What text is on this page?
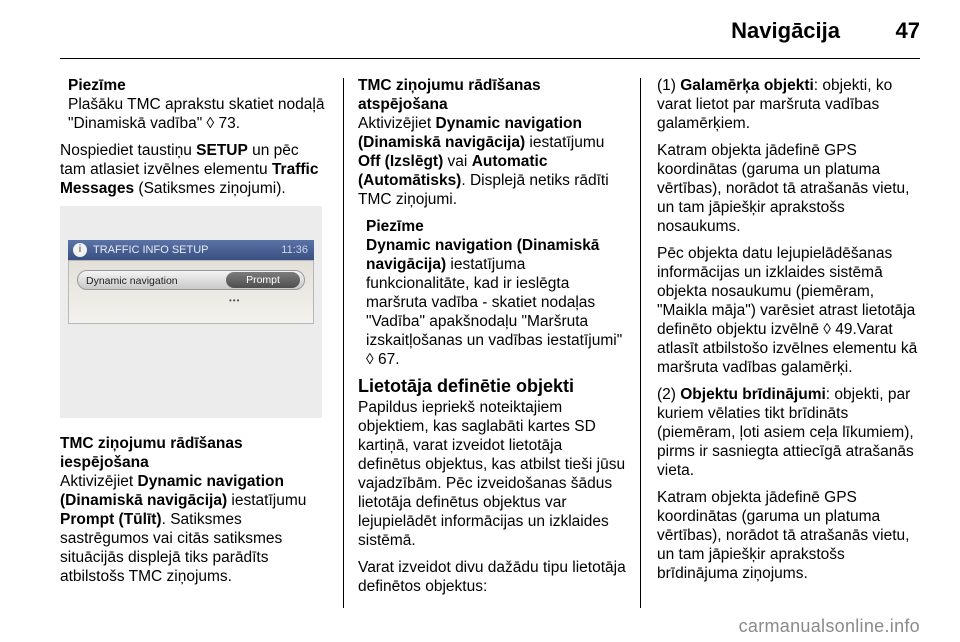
Navigācija	47
Piezīme
Plašāku TMC aprakstu skatiet nodaļā "Dinamiskā vadība" ◊ 73.

Nospiediet taustiņu SETUP un pēc tam atlasiet izvēlnes elementu Traffic Messages (Satiksmes ziņojumi).

i TRAFFIC INFO SETUP	11:36
Dynamic navigation	Prompt
•••
TMC ziņojumu rādīšanas iespējošana

Aktivizējiet Dynamic navigation (Dinamiskā navigācija) iestatījumu Prompt (Tūlīt). Satiksmes sastrēgumos vai citās satiksmes situācijās displejā tiks parādīts atbilstošs TMC ziņojums.

TMC ziņojumu rādīšanas atspējošana

Aktivizējiet Dynamic navigation (Dinamiskā navigācija) iestatījumu Off (Izslēgt) vai Automatic (Automātisks). Displejā netiks rādīti TMC ziņojumi.

Piezīme
Dynamic navigation (Dinamiskā navigācija) iestatījuma funkcionalitāte, kad ir ieslēgta maršruta vadība - skatiet nodaļas "Vadība" apakšnodaļu "Maršruta izskaitļošanas un vadības iestatījumi" ◊ 67.
Lietotāja definētie objekti

Papildus iepriekš noteiktajiem objektiem, kas saglabāti kartes SD kartiņā, varat izveidot lietotāja definētus objektus, kas atbilst tieši jūsu vajadzībām. Pēc izveidošanas šādus lietotāja definētus objektus var lejupielādēt informācijas un izklaides sistēmā.

Varat izveidot divu dažādu tipu lietotāja definētos objektus:

(1) Galamērķa objekti: objekti, ko varat lietot par maršruta vadības galamērķiem.

Katram objekta jādefinē GPS koordinātas (garuma un platuma vērtības), norādot tā atrašanās vietu, un tam jāpiešķir aprakstošs nosaukums.

Pēc objekta datu lejupielādēšanas informācijas un izklaides sistēmā objekta nosaukumu (piemēram, "Maikla māja") varēsiet atrast lietotāja definēto objektu izvēlnē ◊ 49.Varat atlasīt atbilstošo izvēlnes elementu kā maršruta vadības galamērķi.

(2) Objektu brīdinājumi: objekti, par kuriem vēlaties tikt brīdināts (piemēram, ļoti asiem ceļa līkumiem), pirms ir sasniegta attiecīgā atrašanās vieta.

Katram objekta jādefinē GPS koordinātas (garuma un platuma vērtības), norādot tā atrašanās vietu, un tam jāpiešķir aprakstošs brīdinājuma ziņojums.

carmanualsonline.info
